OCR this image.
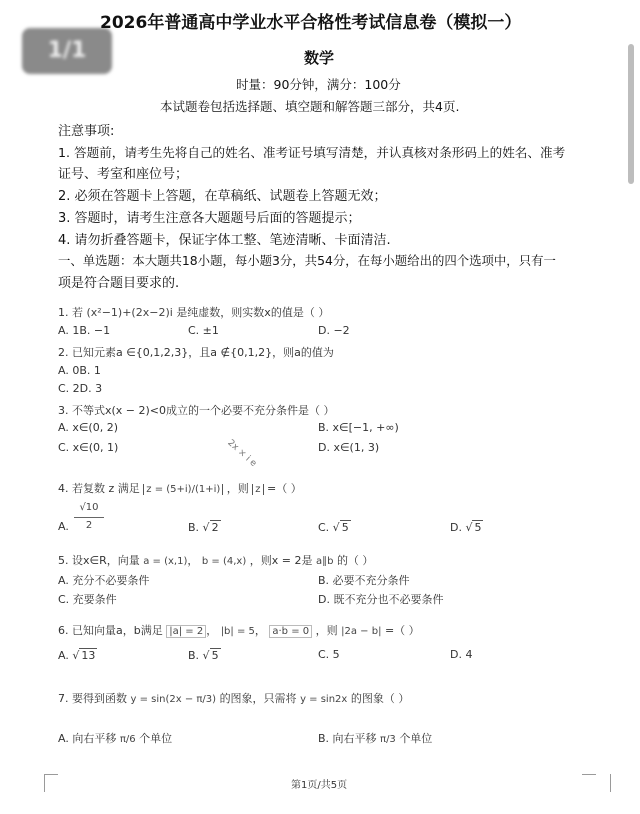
1/1
2026年普通高中学业水平合格性考试信息卷（模拟一）
数学
时量：90分钟，满分：100分
本试题卷包括选择题、填空题和解答题三部分，共4页.
注意事项:
1. 答题前，请考生先将自己的姓名、准考证号填写清楚，并认真核对条形码上的姓名、准考
证号、考室和座位号；
2. 必须在答题卡上答题，在草稿纸、试题卷上答题无效；
3. 答题时，请考生注意各大题题号后面的答题提示；
4. 请勿折叠答题卡，保证字体工整、笔迹清晰、卡面清洁.
一、单选题：本大题共18小题，每小题3分，共54分，在每小题给出的四个选项中，只有一
项是符合题目要求的.
1. 若 (x²−1)+(2x−2)i 是纯虚数，则实数x的值是（ ）
A. 1B. −1	C. ±1	D. −2
2. 已知元素a ∈{0,1,2,3}，且a ∉{0,1,2}，则a的值为
A. 0B. 1
C. 2D. 3
3. 不等式x(x − 2)<0成立的一个必要不充分条件是（ ）
A. x∈(0, 2)	B. x∈[−1, +∞)
C. x∈(0, 1)	D. x∈(1, 3)
2x × i e
4. 若复数 z 满足 z = (5+i)/(1+i) ，则 z =（ ）
A.
√10
2	B. √ 2	C. √ 5	D. √ 5
5. 设x∈R，向量 a = (x,1)， b = (4,x) ，则x = 2是 a∥b 的（ ）
A. 充分不必要条件	B. 必要不充分条件
C. 充要条件	D. 既不充分也不必要条件
6. 已知向量a，b满足 |a| = 2 ， |b| = 5， a·b = 0 ，则 |2a − b| =（ ）
A. √ 13	B. √ 5	C. 5	D. 4
7. 要得到函数 y = sin(2x − π/3) 的图象，只需将 y = sin2x 的图象（ ）
A. 向右平移 π/6 个单位	B. 向右平移 π/3 个单位
第1页/共5页
